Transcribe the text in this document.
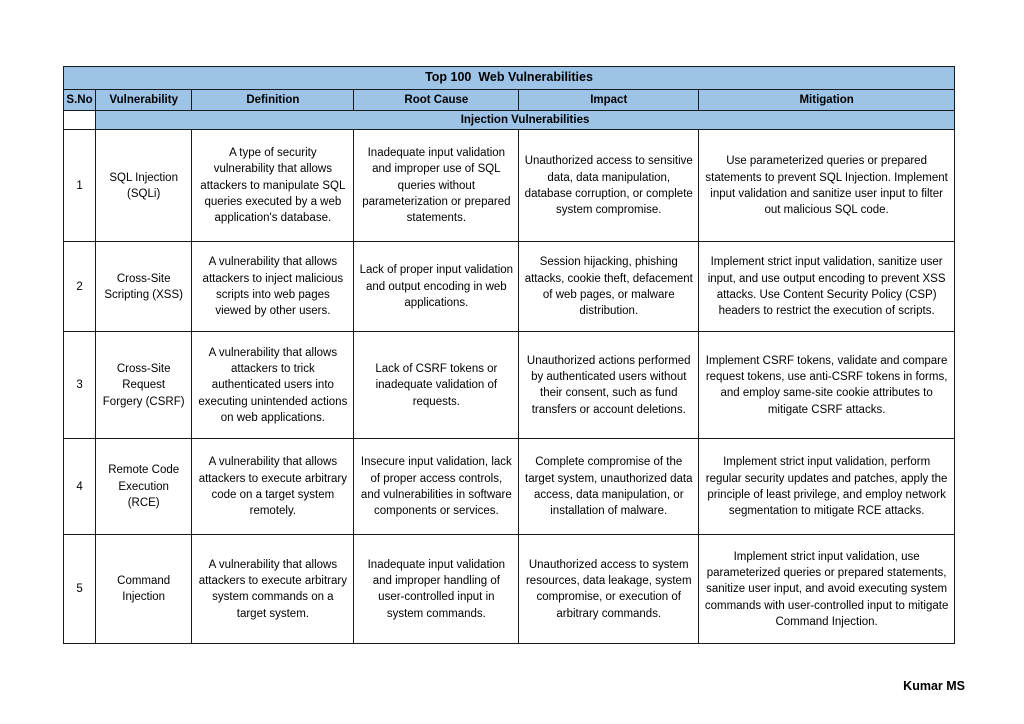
Top 100  Web Vulnerabilities					
S.No	Vulnerability	Definition	Root Cause	Impact	Mitigation
	Injection Vulnerabilities				
1	SQL Injection (SQLi)	A type of security vulnerability that allows attackers to manipulate SQL queries executed by a web application's database.	Inadequate input validation and improper use of SQL queries without parameterization or prepared statements.	Unauthorized access to sensitive data, data manipulation, database corruption, or complete system compromise.	Use parameterized queries or prepared statements to prevent SQL Injection. Implement input validation and sanitize user input to filter out malicious SQL code.
2	Cross-Site Scripting (XSS)	A vulnerability that allows attackers to inject malicious scripts into web pages viewed by other users.	Lack of proper input validation and output encoding in web applications.	Session hijacking, phishing attacks, cookie theft, defacement of web pages, or malware distribution.	Implement strict input validation, sanitize user input, and use output encoding to prevent XSS attacks. Use Content Security Policy (CSP) headers to restrict the execution of scripts.
3	Cross-Site Request Forgery (CSRF)	A vulnerability that allows attackers to trick authenticated users into executing unintended actions on web applications.	Lack of CSRF tokens or inadequate validation of requests.	Unauthorized actions performed by authenticated users without their consent, such as fund transfers or account deletions.	Implement CSRF tokens, validate and compare request tokens, use anti-CSRF tokens in forms, and employ same-site cookie attributes to mitigate CSRF attacks.
4	Remote Code Execution (RCE)	A vulnerability that allows attackers to execute arbitrary code on a target system remotely.	Insecure input validation, lack of proper access controls, and vulnerabilities in software components or services.	Complete compromise of the target system, unauthorized data access, data manipulation, or installation of malware.	Implement strict input validation, perform regular security updates and patches, apply the principle of least privilege, and employ network segmentation to mitigate RCE attacks.
5	Command Injection	A vulnerability that allows attackers to execute arbitrary system commands on a target system.	Inadequate input validation and improper handling of user-controlled input in system commands.	Unauthorized access to system resources, data leakage, system compromise, or execution of arbitrary commands.	Implement strict input validation, use parameterized queries or prepared statements, sanitize user input, and avoid executing system commands with user-controlled input to mitigate Command Injection.
Kumar MS
